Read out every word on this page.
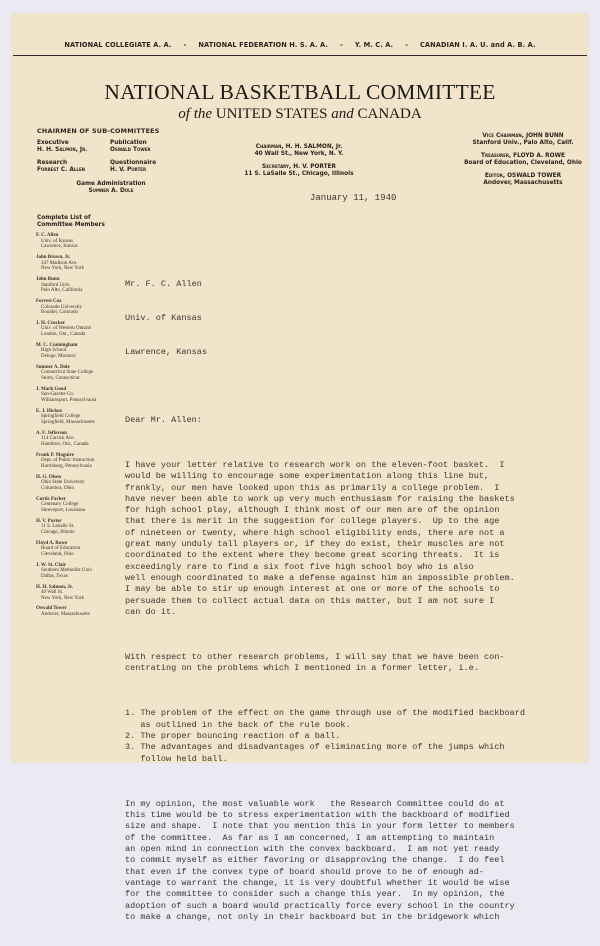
NATIONAL COLLEGIATE A. A. - NATIONAL FEDERATION H. S. A. A. - Y. M. C. A. - CANADIAN I. A. U. and A. B. A.
NATIONAL BASKETBALL COMMITTEE
of the UNITED STATES and CANADA
CHAIRMEN OF SUB-COMMITTEES
Executive
H. H. Salmon, Jr.
Publication
Oswald Tower
Research
Forrest C. Allen
Questionnaire
H. V. Porter
Game Administration
Sumner A. Dole
Chairman, H. H. SALMON, Jr.
40 Wall St., New York, N. Y.
Secretary, H. V. PORTER
11 S. LaSalle St., Chicago, Illinois
Vice Chairman, JOHN BUNN
Stanford Univ., Palo Alto, Calif.
Treasurer, FLOYD A. ROWE
Board of Education, Cleveland, Ohio
Editor, OSWALD TOWER
Andover, Massachusetts
January 11, 1940
Complete List of
Committee Members
F. C. Allen
Univ. of Kansas
Lawrence, Kansas
John Brown, Jr.
347 Madison Ave.
New York, New York
John Bunn
Stanford Univ.
Palo Alto, California
Forrest Cox
Colorado University
Boulder, Colorado
J. H. Crocker
Univ. of Western Ontario
London, Ont., Canada
M. C. Cunningham
High School
Deloge, Missouri
Sumner A. Dole
Connecticut State College
Storrs, Connecticut
J. Mark Good
Sun-Gazette Co.
Williamsport, Pennsylvania
E. J. Hickox
Springfield College
Springfield, Massachusetts
A. F. Jefferson
114 Carrick Ave.
Hamilton, Ont., Canada
Frank P. Maguire
Dept. of Public Instruction
Harrisburg, Pennsylvania
H. G. Olsen
Ohio State University
Columbus, Ohio
Curtis Parker
Centenary College
Shreveport, Louisiana
H. V. Porter
11 S. LaSalle St.
Chicago, Illinois
Floyd A. Rowe
Board of Education
Cleveland, Ohio
J. W. St. Clair
Southern Methodist Univ.
Dallas, Texas
H. H. Salmon, Jr.
40 Wall St.
New York, New York
Oswald Tower
Andover, Massachusetts

Mr. F. C. Allen

Univ. of Kansas

Lawrence, Kansas

Dear Mr. Allen:

I have your letter relative to research work on the eleven-foot basket.  I
would be willing to encourage some experimentation along this line but,
frankly, our men have looked upon this as primarily a college problem.  I
have never been able to work up very much enthusiasm for raising the baskets
for high school play, although I think most of our men are of the opinion
that there is merit in the suggestion for college players.  Up to the age
of nineteen or twenty, where high school eligibility ends, there are not a
great many unduly tall players or, if they do exist, their muscles are not
coordinated to the extent where they become great scoring threats.  It is
exceedingly rare to find a six foot five high school boy who is also
well enough coordinated to make a defense against him an impossible problem.
I may be able to stir up enough interest at one or more of the schools to
persuade them to collect actual data on this matter, but I am not sure I
can do it.

With respect to other research problems, I will say that we have been con-
centrating on the problems which I mentioned in a former letter, i.e.

1. The problem of the effect on the game through use of the modified backboard
as outlined in the back of the rule book.
2. The proper bouncing reaction of a ball.
3. The advantages and disadvantages of eliminating more of the jumps which
follow held ball.

In my opinion, the most valuable work   the Research Committee could do at
this time would be to stress experimentation with the backboard of modified
size and shape.  I note that you mention this in your form letter to members
of the committee.  As far as I am concerned, I am attempting to maintain
an open mind in connection with the convex backboard.  I am not yet ready
to commit myself as either favoring or disapproving the change.  I do feel
that even if the convex type of board should prove to be of enough ad-
vantage to warrant the change, it is very doubtful whether it would be wise
for the committee to consider such a change this year.  In my opinion, the
adoption of such a board would practically force every school in the country
to make a change, not only in their backboard but in the bridgework which
